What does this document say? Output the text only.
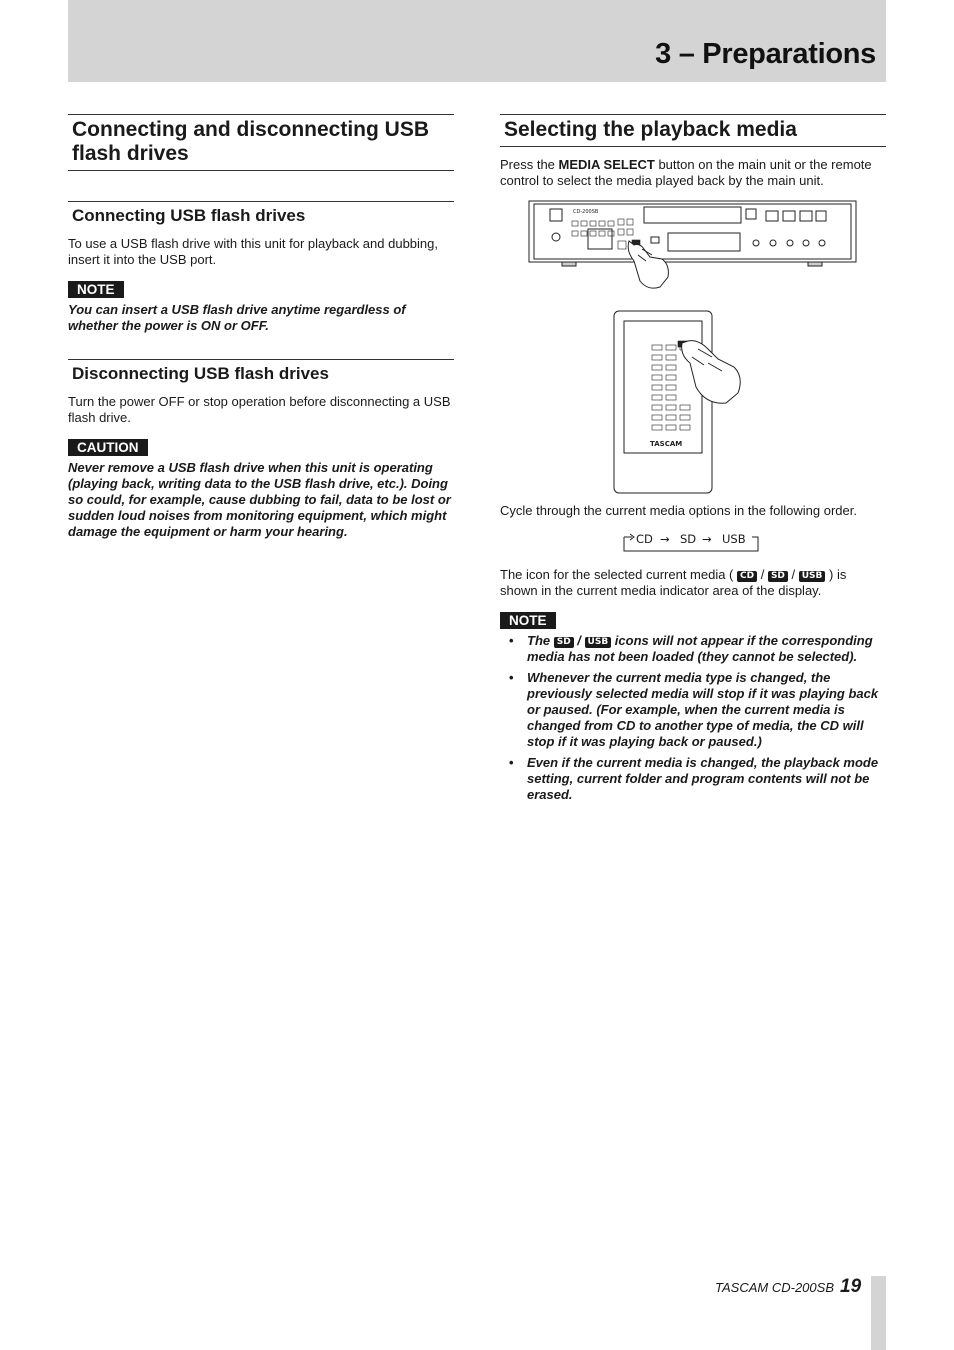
3 – Preparations
Connecting and disconnecting USB flash drives
Connecting USB flash drives
To use a USB flash drive with this unit for playback and dubbing, insert it into the USB port.
NOTE
You can insert a USB flash drive anytime regardless of whether the power is ON or OFF.
Disconnecting USB flash drives
Turn the power OFF or stop operation before disconnecting a USB flash drive.
CAUTION
Never remove a USB flash drive when this unit is operating (playing back, writing data to the USB flash drive, etc.). Doing so could, for example, cause dubbing to fail, data to be lost or sudden loud noises from monitoring equipment, which might damage the equipment or harm your hearing.
Selecting the playback media
Press the MEDIA SELECT button on the main unit or the remote control to select the media played back by the main unit.
CD-200SB
TASCAM
Cycle through the current media options in the following order.
CD → SD → USB
The icon for the selected current media ( CD / SD / USB ) is shown in the current media indicator area of the display.
NOTE
• The SD / USB icons will not appear if the corresponding media has not been loaded (they cannot be selected).
• Whenever the current media type is changed, the previously selected media will stop if it was playing back or paused. (For example, when the current media is changed from CD to another type of media, the CD will stop if it was playing back or paused.)
• Even if the current media is changed, the playback mode setting, current folder and program contents will not be erased.
TASCAM CD-200SB 19
